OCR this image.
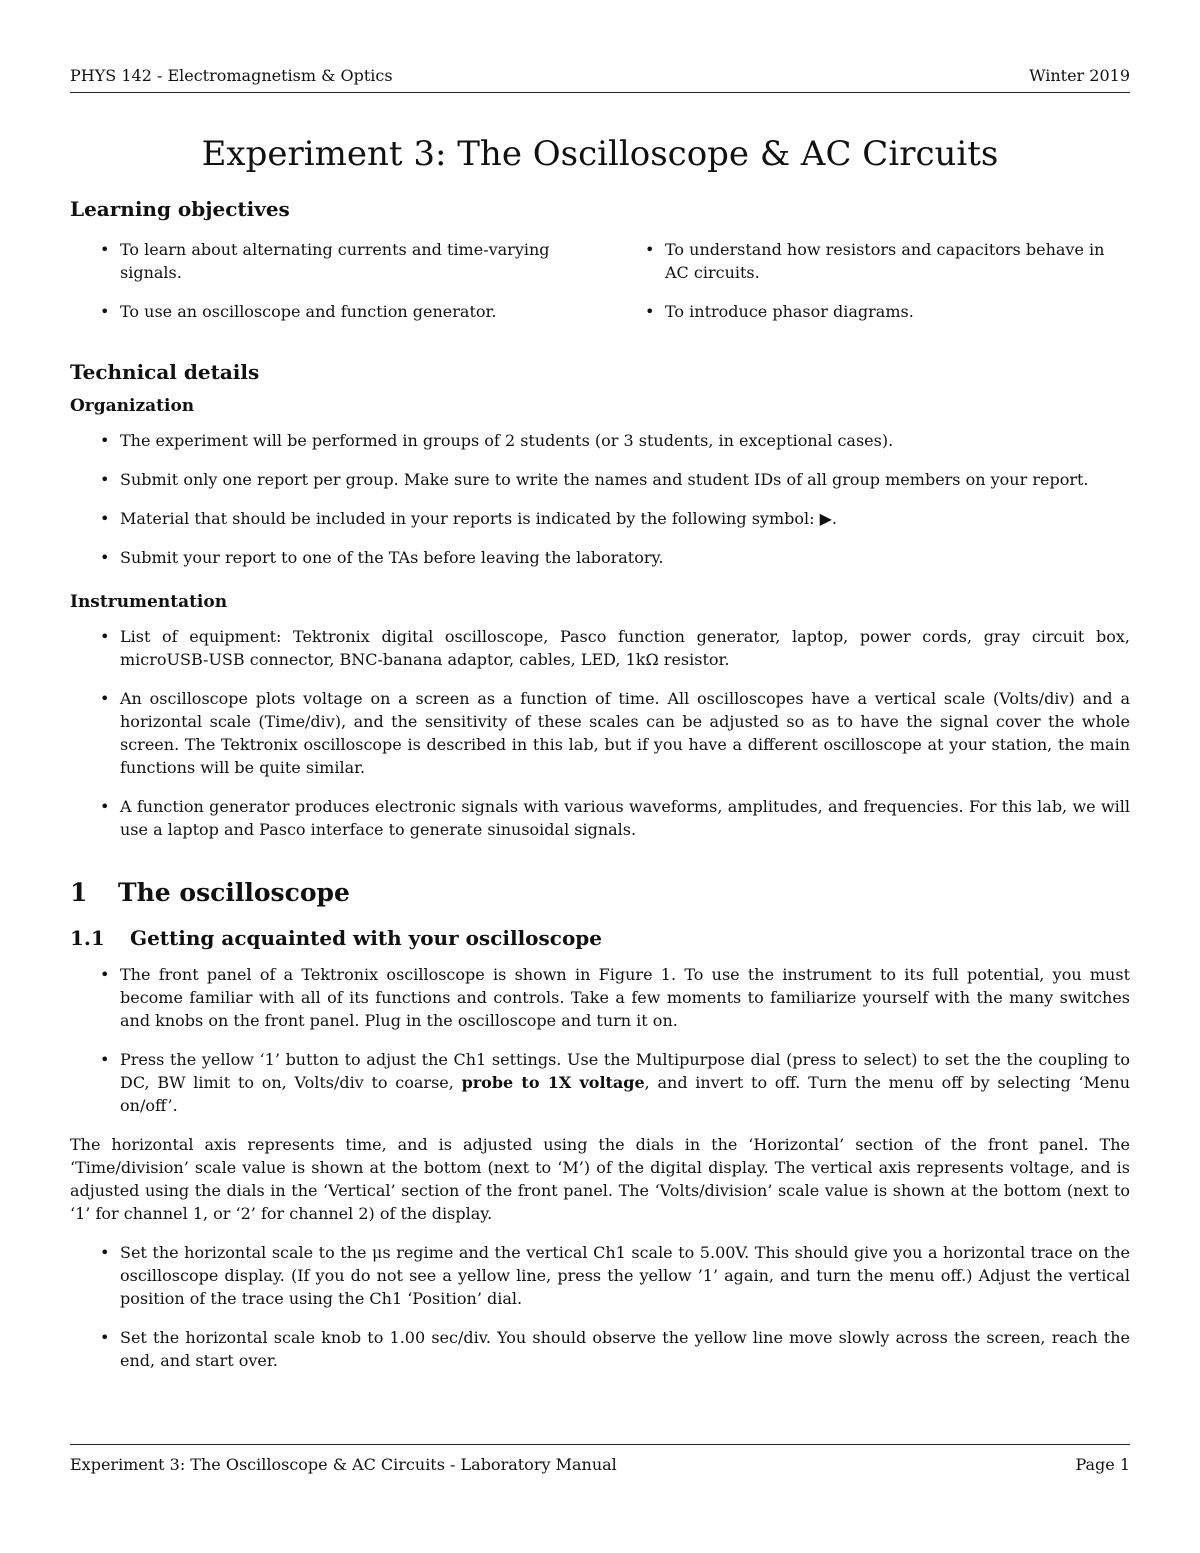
PHYS 142 - Electromagnetism & Optics	Winter 2019
Experiment 3: The Oscilloscope & AC Circuits
Learning objectives
• To learn about alternating currents and time-varying signals.
• To use an oscilloscope and function generator.
• To understand how resistors and capacitors behave in AC circuits.
• To introduce phasor diagrams.
Technical details
Organization
• The experiment will be performed in groups of 2 students (or 3 students, in exceptional cases).
• Submit only one report per group. Make sure to write the names and student IDs of all group members on your report.
• Material that should be included in your reports is indicated by the following symbol: ▶.
• Submit your report to one of the TAs before leaving the laboratory.
Instrumentation
• List of equipment: Tektronix digital oscilloscope, Pasco function generator, laptop, power cords, gray circuit box, microUSB-USB connector, BNC-banana adaptor, cables, LED, 1kΩ resistor.
• An oscilloscope plots voltage on a screen as a function of time. All oscilloscopes have a vertical scale (Volts/div) and a horizontal scale (Time/div), and the sensitivity of these scales can be adjusted so as to have the signal cover the whole screen. The Tektronix oscilloscope is described in this lab, but if you have a different oscilloscope at your station, the main functions will be quite similar.
• A function generator produces electronic signals with various waveforms, amplitudes, and frequencies. For this lab, we will use a laptop and Pasco interface to generate sinusoidal signals.
1 The oscilloscope
1.1 Getting acquainted with your oscilloscope
• The front panel of a Tektronix oscilloscope is shown in Figure 1. To use the instrument to its full potential, you must become familiar with all of its functions and controls. Take a few moments to familiarize yourself with the many switches and knobs on the front panel. Plug in the oscilloscope and turn it on.
• Press the yellow ‘1’ button to adjust the Ch1 settings. Use the Multipurpose dial (press to select) to set the the coupling to DC, BW limit to on, Volts/div to coarse, probe to 1X voltage, and invert to off. Turn the menu off by selecting ‘Menu on/off’.

The horizontal axis represents time, and is adjusted using the dials in the ‘Horizontal’ section of the front panel. The ‘Time/division’ scale value is shown at the bottom (next to ‘M’) of the digital display. The vertical axis represents voltage, and is adjusted using the dials in the ‘Vertical’ section of the front panel. The ‘Volts/division’ scale value is shown at the bottom (next to ‘1’ for channel 1, or ‘2’ for channel 2) of the display.

• Set the horizontal scale to the μs regime and the vertical Ch1 scale to 5.00V. This should give you a horizontal trace on the oscilloscope display. (If you do not see a yellow line, press the yellow ’1’ again, and turn the menu off.) Adjust the vertical position of the trace using the Ch1 ‘Position’ dial.
• Set the horizontal scale knob to 1.00 sec/div. You should observe the yellow line move slowly across the screen, reach the end, and start over.
Experiment 3: The Oscilloscope & AC Circuits - Laboratory Manual	Page 1
